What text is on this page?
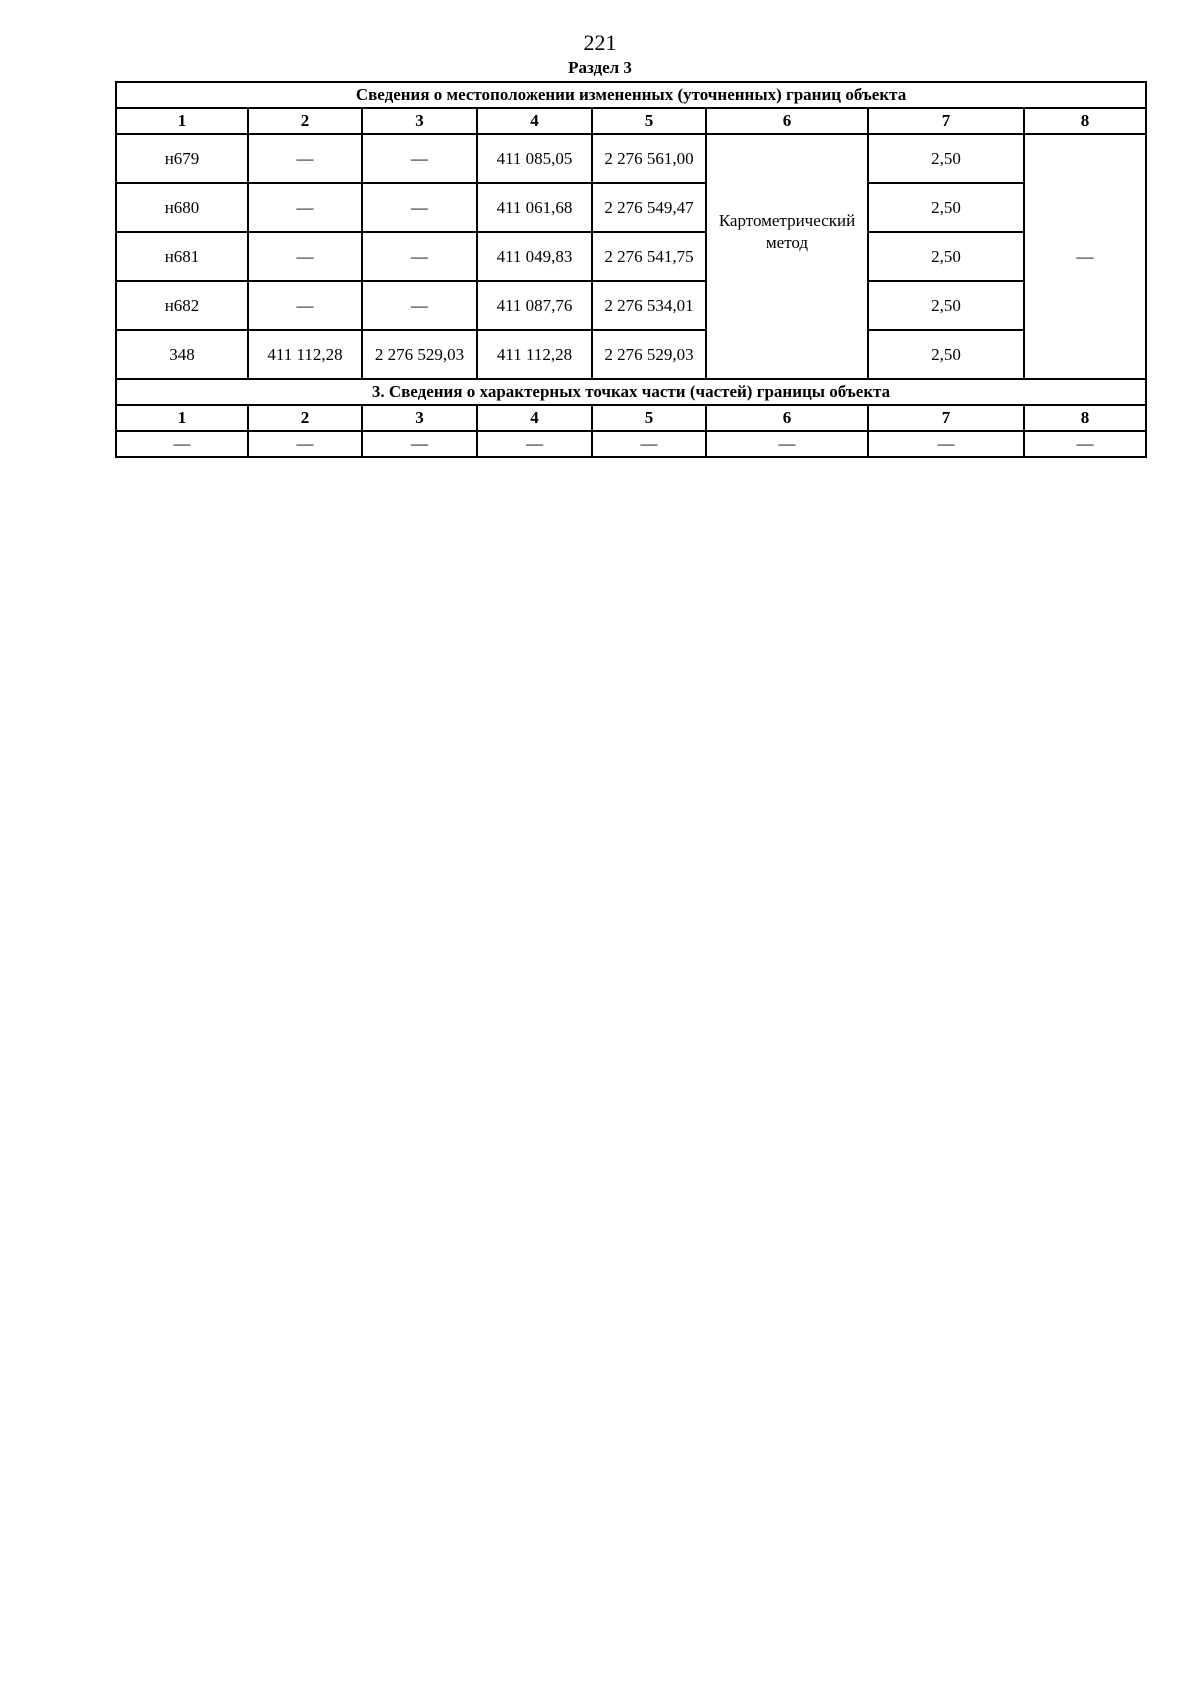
221
Раздел 3
Сведения о местоположении измененных (уточненных) границ объекта							
1	2	3	4	5	6	7	8
н679	—	—	411 085,05	2 276 561,00	Картометрический метод	2,50	—
н680	—	—	411 061,68	2 276 549,47		2,50	
н681	—	—	411 049,83	2 276 541,75		2,50	
н682	—	—	411 087,76	2 276 534,01		2,50	
348	411 112,28	2 276 529,03	411 112,28	2 276 529,03		2,50	
3. Сведения о характерных точках части (частей) границы объекта							
1	2	3	4	5	6	7	8
—	—	—	—	—	—	—	—
